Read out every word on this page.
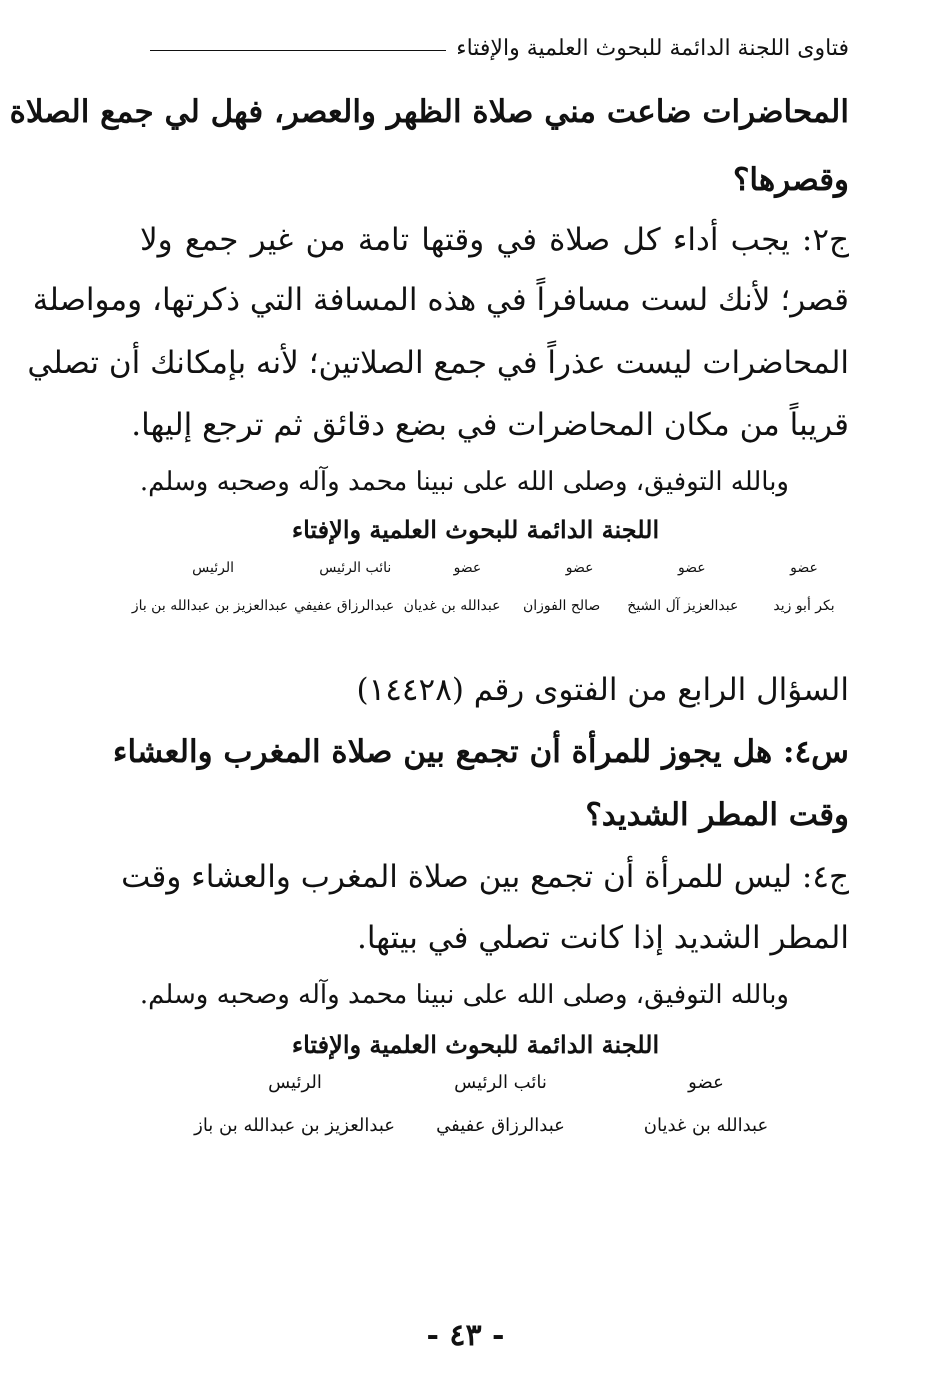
فتاوى اللجنة الدائمة للبحوث العلمية والإفتاء
المحاضرات ضاعت مني صلاة الظهر والعصر، فهل لي جمع الصلاة
وقصرها؟
ج٢: يجب أداء كل صلاة في وقتها تامة من غير جمع ولا
قصر؛ لأنك لست مسافراً في هذه المسافة التي ذكرتها، ومواصلة
المحاضرات ليست عذراً في جمع الصلاتين؛ لأنه بإمكانك أن تصلي
قريباً من مكان المحاضرات في بضع دقائق ثم ترجع إليها.
وبالله التوفيق، وصلى الله على نبينا محمد وآله وصحبه وسلم.
اللجنة الدائمة للبحوث العلمية والإفتاء
عضو
عضو
عضو
عضو
نائب الرئيس
الرئيس
بكر أبو زيد
عبدالعزيز آل الشيخ
صالح الفوزان
عبدالله بن غديان
عبدالرزاق عفيفي
عبدالعزيز بن عبدالله بن باز
السؤال الرابع من الفتوى رقم (١٤٤٢٨)
س٤: هل يجوز للمرأة أن تجمع بين صلاة المغرب والعشاء
وقت المطر الشديد؟
ج٤: ليس للمرأة أن تجمع بين صلاة المغرب والعشاء وقت
المطر الشديد إذا كانت تصلي في بيتها.
وبالله التوفيق، وصلى الله على نبينا محمد وآله وصحبه وسلم.
اللجنة الدائمة للبحوث العلمية والإفتاء
عضو
نائب الرئيس
الرئيس
عبدالله بن غديان
عبدالرزاق عفيفي
عبدالعزيز بن عبدالله بن باز
- ٤٣ -
